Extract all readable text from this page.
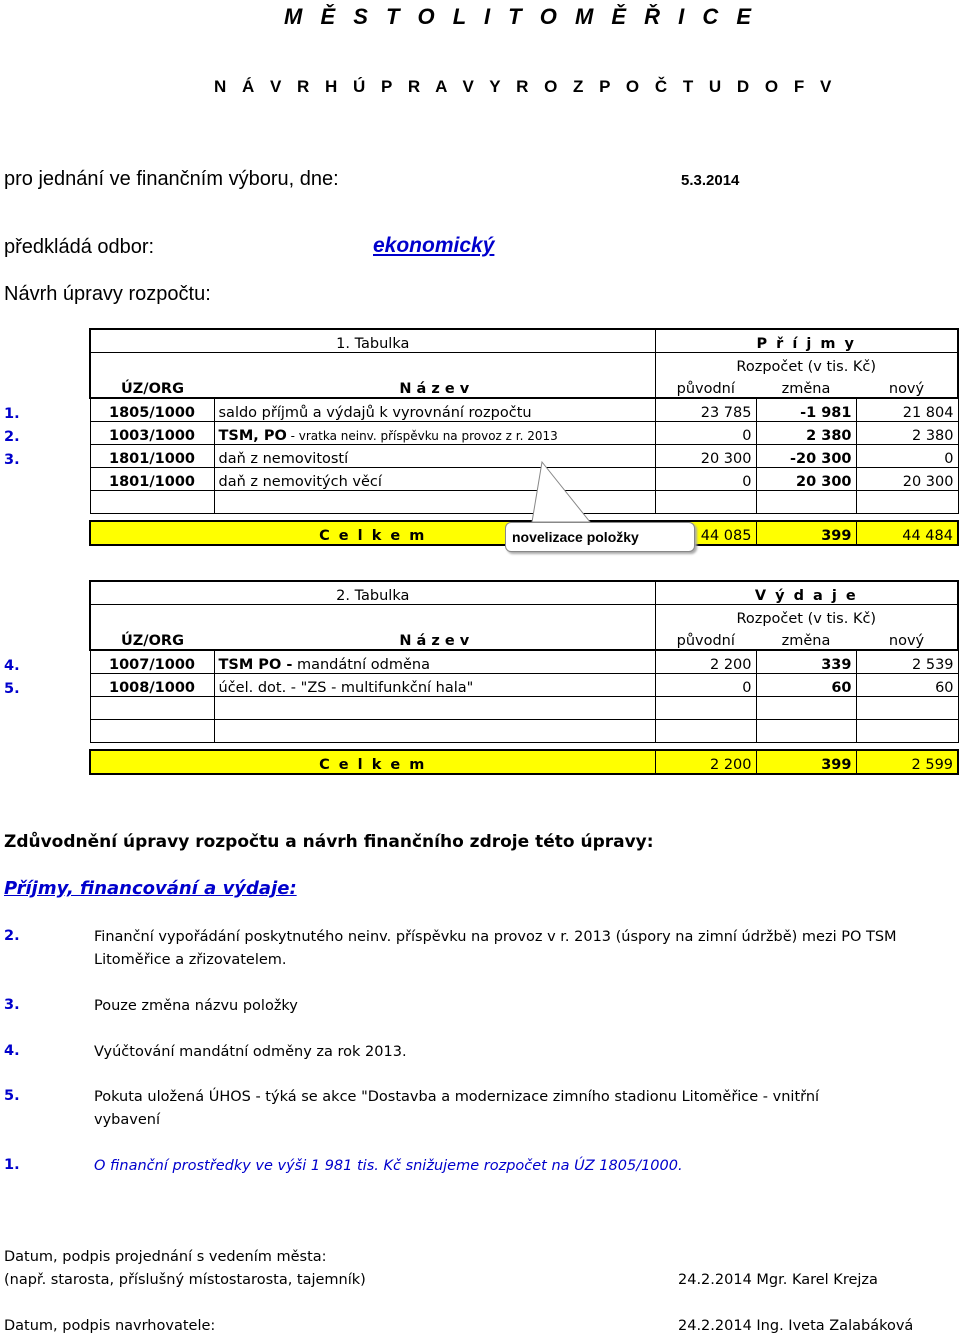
M Ě S T O L I T O M Ě Ř I C E
N Á V R H Ú P R A V Y R O Z P O Č T U D O F V
pro jednání ve finančním výboru, dne:	5.3.2014
předkládá odbor:	ekonomický
Návrh úpravy rozpočtu:
	1. Tabulka		P ř í j m y		
			Rozpočet (v tis. Kč)		
	ÚZ/ORG	N á z e v	původní	změna	nový
1.	1805/1000	saldo příjmů a výdajů k vyrovnání rozpočtu	23 785	-1 981	21 804
2.	1003/1000	TSM, PO - vratka neinv. příspěvku na provoz z r. 2013	0	2 380	2 380
3.	1801/1000	daň z nemovitostí	20 300	-20 300	0
	1801/1000	daň z nemovitých věcí	0	20 300	20 300

	C e l k e m		44 085	399	44 484
novelizace položky
	2. Tabulka		V ý d a j e		
			Rozpočet (v tis. Kč)		
	ÚZ/ORG	N á z e v	původní	změna	nový
4.	1007/1000	TSM PO - mandátní odměna	2 200	339	2 539
5.	1008/1000	účel. dot. - "ZS - multifunkční hala"	0	60	60

	C e l k e m		2 200	399	2 599
Zdůvodnění úpravy rozpočtu a návrh finančního zdroje této úpravy:
Příjmy, financování a výdaje:
2.	Finanční vypořádání poskytnutého neinv. příspěvku na provoz v r. 2013 (úspory na zimní údržbě) mezi PO TSM Litoměřice a zřizovatelem.
3.	Pouze změna názvu položky
4.	Vyúčtování mandátní odměny za rok 2013.
5.	Pokuta uložená ÚHOS - týká se akce "Dostavba a modernizace zimního stadionu Litoměřice - vnitřní vybavení
1.	O finanční prostředky ve výši 1 981 tis. Kč snižujeme rozpočet na ÚZ 1805/1000.
Datum, podpis projednání s vedením města:
(např. starosta, příslušný místostarosta, tajemník)	24.2.2014 Mgr. Karel Krejza
Datum, podpis navrhovatele:	24.2.2014 Ing. Iveta Zalabáková
